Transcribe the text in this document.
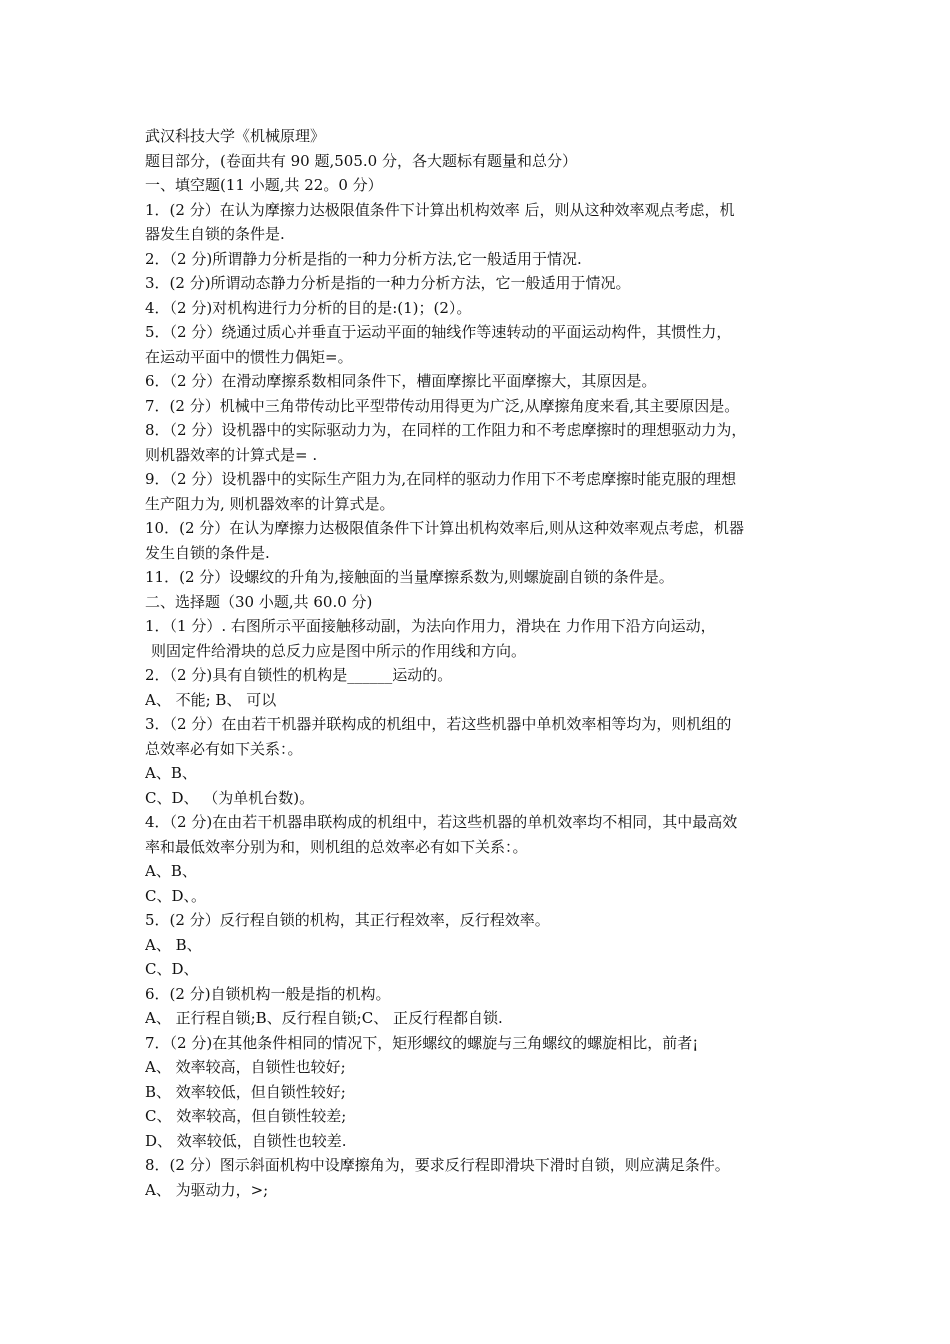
武汉科技大学《机械原理》
题目部分，(卷面共有 90 题,505.0 分，各大题标有题量和总分）
一、填空题(11 小题,共 22。0 分）
1．(2 分）在认为摩擦力达极限值条件下计算出机构效率 后，则从这种效率观点考虑，机
器发生自锁的条件是.
2．（2 分)所谓静力分析是指的一种力分析方法,它一般适用于情况.
3．(2 分)所谓动态静力分析是指的一种力分析方法，它一般适用于情况。
4．（2 分)对机构进行力分析的目的是:(1)；(2）。
5．（2 分）绕通过质心并垂直于运动平面的轴线作等速转动的平面运动构件，其惯性力，
在运动平面中的惯性力偶矩=。
6．（2 分）在滑动摩擦系数相同条件下，槽面摩擦比平面摩擦大，其原因是。
7．(2 分）机械中三角带传动比平型带传动用得更为广泛,从摩擦角度来看,其主要原因是。
8．（2 分）设机器中的实际驱动力为，在同样的工作阻力和不考虑摩擦时的理想驱动力为，
则机器效率的计算式是= .
9．（2 分）设机器中的实际生产阻力为,在同样的驱动力作用下不考虑摩擦时能克服的理想
生产阻力为, 则机器效率的计算式是。
10．(2 分）在认为摩擦力达极限值条件下计算出机构效率后,则从这种效率观点考虑，机器
发生自锁的条件是.
11．(2 分）设螺纹的升角为,接触面的当量摩擦系数为,则螺旋副自锁的条件是。
二、选择题（30 小题,共 60.0 分)
1．（1 分）. 右图所示平面接触移动副，为法向作用力，滑块在 力作用下沿方向运动，
则固定件给滑块的总反力应是图中所示的作用线和方向。
2．（2 分)具有自锁性的机构是______运动的。
A、 不能; B、 可以
3．（2 分）在由若干机器并联构成的机组中，若这些机器中单机效率相等均为，则机组的
总效率必有如下关系：。
A、B、
C、D、 （为单机台数)。
4．（2 分)在由若干机器串联构成的机组中，若这些机器的单机效率均不相同，其中最高效
率和最低效率分别为和，则机组的总效率必有如下关系：。
A、B、
C、D、。
5．(2 分）反行程自锁的机构，其正行程效率，反行程效率。
A、 B、
C、D、
6．(2 分)自锁机构一般是指的机构。
A、 正行程自锁;B、反行程自锁;C、 正反行程都自锁.
7．（2 分)在其他条件相同的情况下，矩形螺纹的螺旋与三角螺纹的螺旋相比，前者¡
A、 效率较高，自锁性也较好;
B、 效率较低，但自锁性较好;
C、 效率较高，但自锁性较差;
D、 效率较低，自锁性也较差.
8．(2 分）图示斜面机构中设摩擦角为，要求反行程即滑块下滑时自锁，则应满足条件。
A、 为驱动力，>;
